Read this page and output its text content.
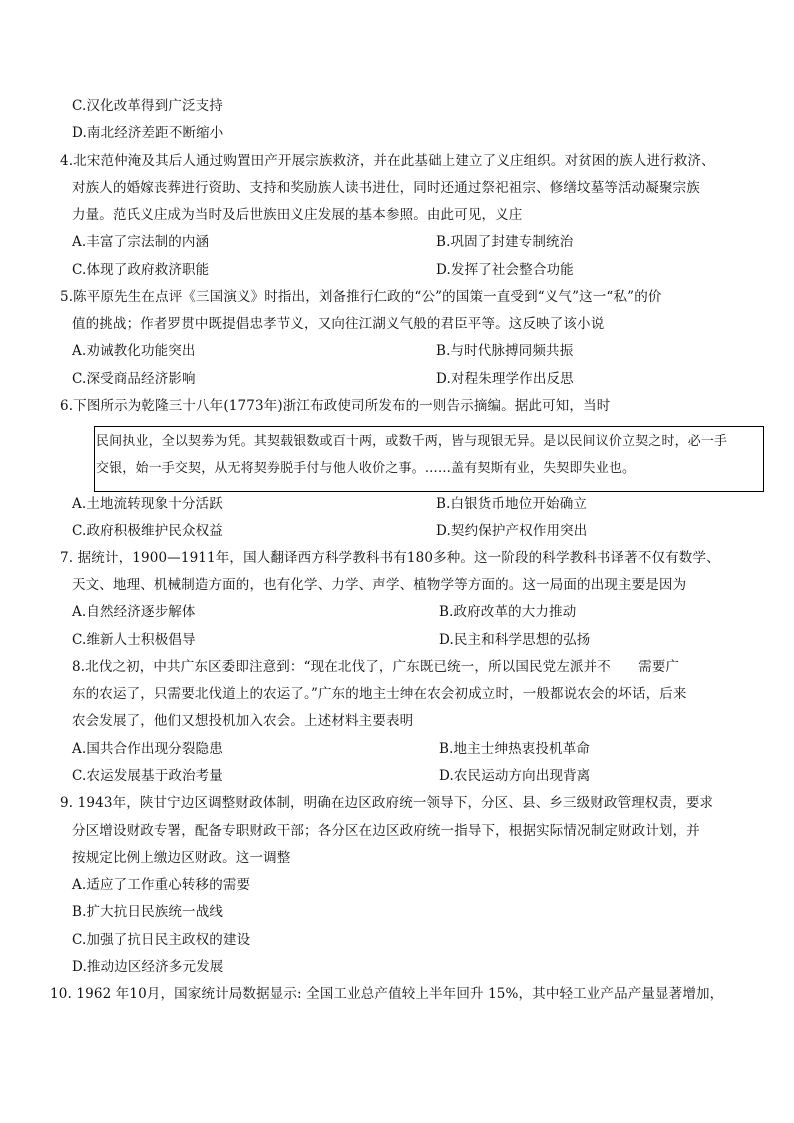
C.汉化改革得到广泛支持
D.南北经济差距不断缩小
4.北宋范仲淹及其后人通过购置田产开展宗族救济，并在此基础上建立了义庄组织。对贫困的族人进行救济、
对族人的婚嫁丧葬进行资助、支持和奖励族人读书进仕，同时还通过祭祀祖宗、修缮坟墓等活动凝聚宗族
力量。范氏义庄成为当时及后世族田义庄发展的基本参照。由此可见，义庄
A.丰富了宗法制的内涵	B.巩固了封建专制统治
C.体现了政府救济职能	D.发挥了社会整合功能
5.陈平原先生在点评《三国演义》时指出，刘备推行仁政的“公”的国策一直受到“义气”这一“私”的价
值的挑战；作者罗贯中既提倡忠孝节义，又向往江湖义气般的君臣平等。这反映了该小说
A.劝诫教化功能突出	B.与时代脉搏同频共振
C.深受商品经济影响	D.对程朱理学作出反思
6.下图所示为乾隆三十八年(1773年)浙江布政使司所发布的一则告示摘编。据此可知，当时
民间执业，全以契劵为凭。其契载银数或百十两，或数千两，皆与现银无异。是以民间议价立契之时，必一手
交银，始一手交契，从无将契券脱手付与他人收价之事。……盖有契斯有业，失契即失业也。
A.土地流转现象十分活跃	B.白银货币地位开始确立
C.政府积极维护民众权益	D.契约保护产权作用突出
7. 据统计，1900—1911年，国人翻译西方科学教科书有180多种。这一阶段的科学教科书译著不仅有数学、
天文、地理、机械制造方面的，也有化学、力学、声学、植物学等方面的。这一局面的出现主要是因为
A.自然经济逐步解体	B.政府改革的大力推动
C.维新人士积极倡导	D.民主和科学思想的弘扬
8.北伐之初，中共广东区委即注意到：“现在北伐了，广东既已统一，所以国民党左派并不　　需要广
东的农运了，只需要北伐道上的农运了。”广东的地主士绅在农会初成立时，一般都说农会的坏话，后来
农会发展了，他们又想投机加入农会。上述材料主要表明
A.国共合作出现分裂隐患	B.地主士绅热衷投机革命
C.农运发展基于政治考量	D.农民运动方向出现背离
9. 1943年，陕甘宁边区调整财政体制，明确在边区政府统一领导下，分区、县、乡三级财政管理权责，要求
分区增设财政专署，配备专职财政干部；各分区在边区政府统一指导下，根据实际情况制定财政计划，并
按规定比例上缴边区财政。这一调整
A.适应了工作重心转移的需要
B.扩大抗日民族统一战线
C.加强了抗日民主政权的建设
D.推动边区经济多元发展
10. 1962 年10月，国家统计局数据显示: 全国工业总产值较上半年回升 15%，其中轻工业产品产量显著增加，
